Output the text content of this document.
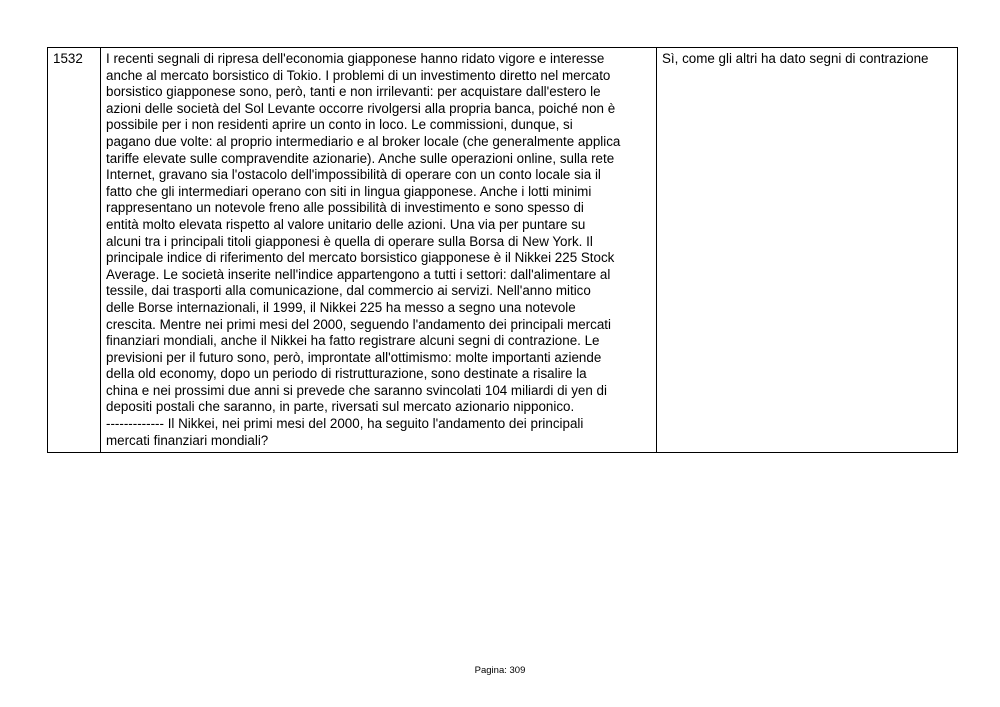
1532	I recenti segnali di ripresa dell'economia giapponese hanno ridato vigore e interesse
anche al mercato borsistico di Tokio. I problemi di un investimento diretto nel mercato
borsistico giapponese sono, però, tanti e non irrilevanti: per acquistare dall'estero le
azioni delle società del Sol Levante occorre rivolgersi alla propria banca, poiché non è
possibile per i non residenti aprire un conto in loco. Le commissioni, dunque, si
pagano due volte: al proprio intermediario e al broker locale (che generalmente applica
tariffe elevate sulle compravendite azionarie). Anche sulle operazioni online, sulla rete
Internet, gravano sia l'ostacolo dell'impossibilità di operare con un conto locale sia il
fatto che gli intermediari operano con siti in lingua giapponese. Anche i lotti minimi
rappresentano un notevole freno alle possibilità di investimento e sono spesso di
entità molto elevata rispetto al valore unitario delle azioni. Una via per puntare su
alcuni tra i principali titoli giapponesi è quella di operare sulla Borsa di New York. Il
principale indice di riferimento del mercato borsistico giapponese è il Nikkei 225 Stock
Average. Le società inserite nell'indice appartengono a tutti i settori: dall'alimentare al
tessile, dai trasporti alla comunicazione, dal commercio ai servizi. Nell'anno mitico
delle Borse internazionali, il 1999, il Nikkei 225 ha messo a segno una notevole
crescita. Mentre nei primi mesi del 2000, seguendo l'andamento dei principali mercati
finanziari mondiali, anche il Nikkei ha fatto registrare alcuni segni di contrazione. Le
previsioni per il futuro sono, però, improntate all'ottimismo: molte importanti aziende
della old economy, dopo un periodo di ristrutturazione, sono destinate a risalire la
china e nei prossimi due anni si prevede che saranno svincolati 104 miliardi di yen di
depositi postali che saranno, in parte, riversati sul mercato azionario nipponico.
------------- Il Nikkei, nei primi mesi del 2000, ha seguito l'andamento dei principali
mercati finanziari mondiali?	Sì, come gli altri ha dato segni di contrazione
Pagina: 309
